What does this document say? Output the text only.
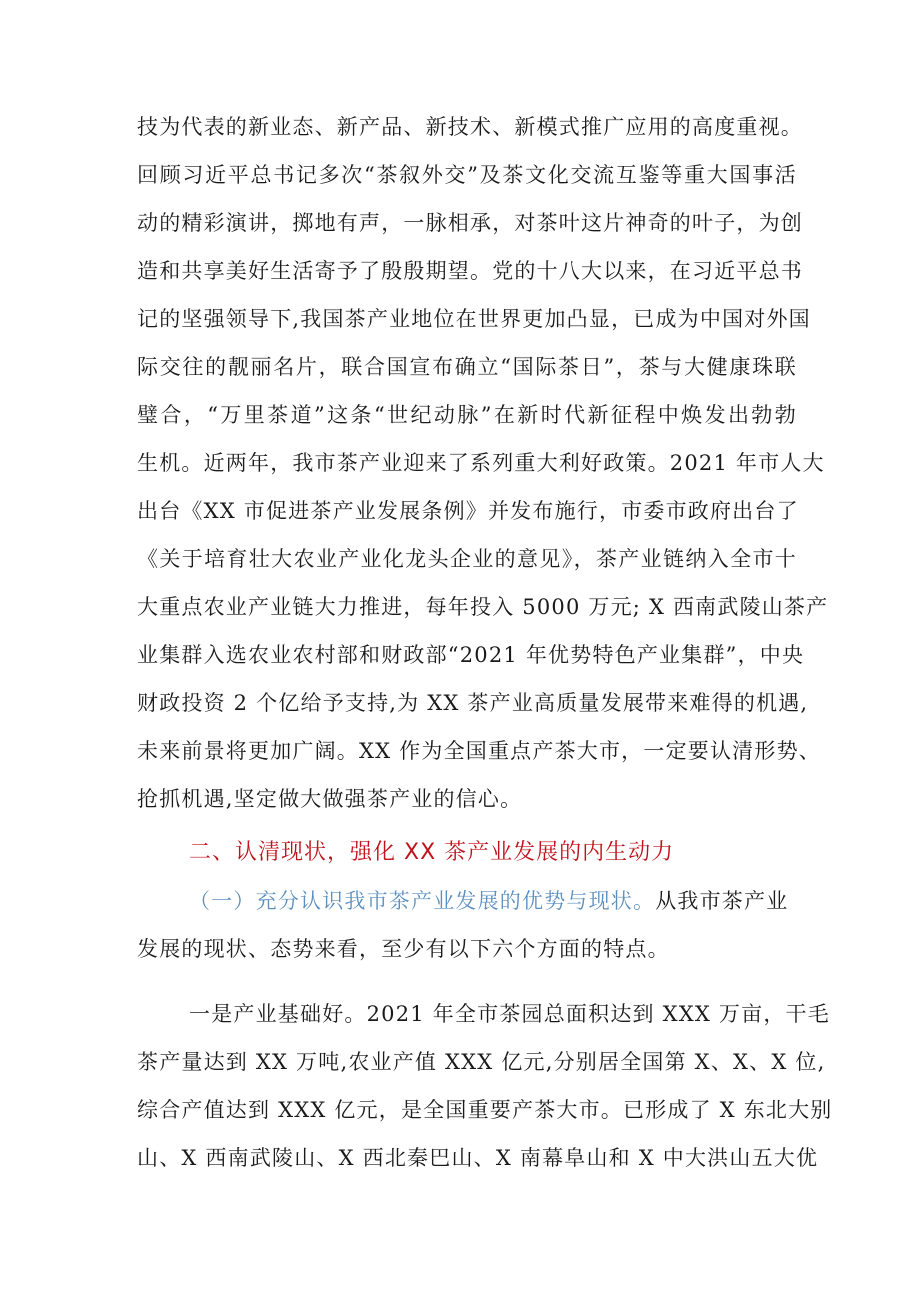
技为代表的新业态、新产品、新技术、新模式推广应用的高度重视。
回顾习近平总书记多次“茶叙外交”及茶文化交流互鉴等重大国事活
动的精彩演讲，掷地有声，一脉相承，对茶叶这片神奇的叶子，为创
造和共享美好生活寄予了殷殷期望。党的十八大以来，在习近平总书
记的坚强领导下,我国茶产业地位在世界更加凸显，已成为中国对外国
际交往的靓丽名片，联合国宣布确立“国际茶日”，茶与大健康珠联
璧合，“万里茶道”这条“世纪动脉”在新时代新征程中焕发出勃勃
生机。近两年，我市茶产业迎来了系列重大利好政策。2021 年市人大
出台《XX 市促进茶产业发展条例》并发布施行，市委市政府出台了
《关于培育壮大农业产业化龙头企业的意见》，茶产业链纳入全市十
大重点农业产业链大力推进，每年投入 5000 万元; X 西南武陵山茶产
业集群入选农业农村部和财政部“2021 年优势特色产业集群”，中央
财政投资 2 个亿给予支持,为 XX 茶产业高质量发展带来难得的机遇,
未来前景将更加广阔。XX 作为全国重点产茶大市，一定要认清形势、
抢抓机遇,坚定做大做强茶产业的信心。
二、认清现状，强化 XX 茶产业发展的内生动力
（一）充分认识我市茶产业发展的优势与现状。从我市茶产业
发展的现状、态势来看，至少有以下六个方面的特点。
一是产业基础好。2021 年全市茶园总面积达到 XXX 万亩，干毛
茶产量达到 XX 万吨,农业产值 XXX 亿元,分别居全国第 X、X、X 位,
综合产值达到 XXX 亿元，是全国重要产茶大市。已形成了 X 东北大别
山、X 西南武陵山、X 西北秦巴山、X 南幕阜山和 X 中大洪山五大优
